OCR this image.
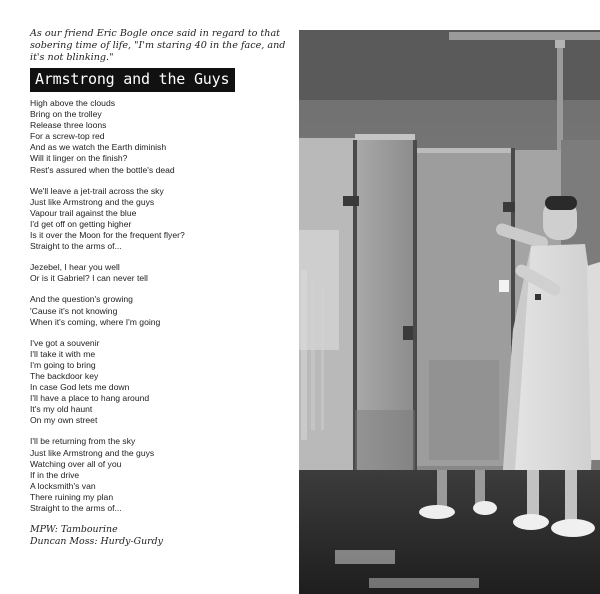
As our friend Eric Bogle once said in regard to that
sobering time of life, "I'm staring 40 in the face, and
it's not blinking."

Armstrong and the Guys
High above the clouds
Bring on the trolley
Release three loons
For a screw-top red
And as we watch the Earth diminish
Will it linger on the finish?
Rest's assured when the bottle's dead
We'll leave a jet-trail across the sky
Just like Armstrong and the guys
Vapour trail against the blue
I'd get off on getting higher
Is it over the Moon for the frequent flyer?
Straight to the arms of...
Jezebel, I hear you well
Or is it Gabriel? I can never tell
And the question's growing
'Cause it's not knowing
When it's coming, where I'm going
I've got a souvenir
I'll take it with me
I'm going to bring
The backdoor key
In case God lets me down
I'll have a place to hang around
It's my old haunt
On my own street
I'll be returning from the sky
Just like Armstrong and the guys
Watching over all of you
If in the drive
A locksmith's van
There ruining my plan
Straight to the arms of...
MPW: Tambourine
Duncan Moss: Hurdy-Gurdy
